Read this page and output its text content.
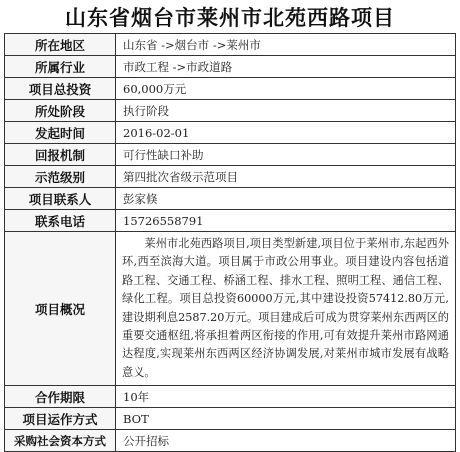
山东省烟台市莱州市北苑西路项目
所在地区	山东省 ->烟台市 ->莱州市
所属行业	市政工程 ->市政道路
项目总投资	60,000万元
所处阶段	执行阶段
发起时间	2016-02-01
回报机制	可行性缺口补助
示范级别	第四批次省级示范项目
项目联系人	彭家倏
联系电话	15726558791
项目概况	莱州市北苑西路项目,项目类型新建,项目位于莱州市,东起西外环,西至滨海大道。项目属于市政公用事业。项目建设内容包括道路工程、交通工程、桥涵工程、排水工程、照明工程、通信工程、绿化工程。项目总投资60000万元,其中建设投资57412.80万元,建设期利息2587.20万元。项目建成后可成为贯穿莱州东西两区的重要交通枢纽,将承担着两区衔接的作用,可有效提升莱州市路网通达程度,实现莱州东西两区经济协调发展,对莱州市城市发展有战略意义。
合作期限	10年
项目运作方式	BOT
采购社会资本方式	公开招标
